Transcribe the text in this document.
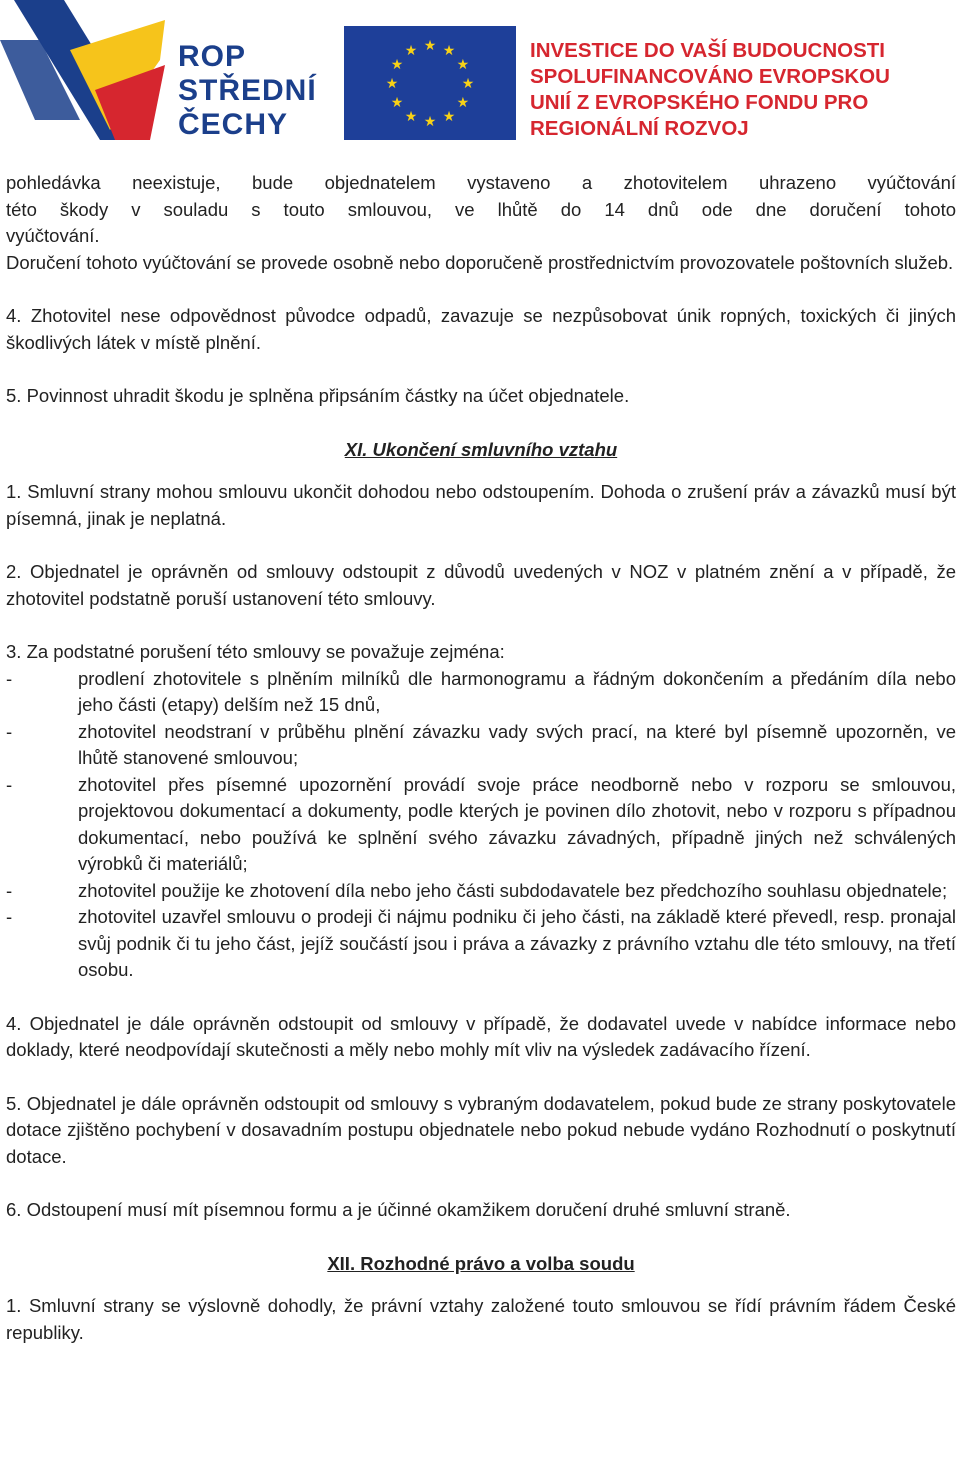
ROP
STŘEDNÍ
ČECHY
★
★
★
★
★
★
★
★
★ ★ ★
★
INVESTICE DO VAŠÍ BUDOUCNOSTI
SPOLUFINANCOVÁNO EVROPSKOU
UNIÍ Z EVROPSKÉHO FONDU PRO
REGIONÁLNÍ ROZVOJ

pohledávka neexistuje, bude objednatelem vystaveno a zhotovitelem uhrazeno vyúčtování

této škody v souladu s touto smlouvou, ve lhůtě do 14 dnů ode dne doručení tohoto

vyúčtování.

Doručení tohoto vyúčtování se provede osobně nebo doporučeně prostřednictvím provozovatele poštovních služeb.

4. Zhotovitel nese odpovědnost původce odpadů, zavazuje se nezpůsobovat únik ropných, toxických či jiných škodlivých látek v místě plnění.

5. Povinnost uhradit škodu je splněna připsáním částky na účet objednatele.

XI. Ukončení smluvního vztahu

1. Smluvní strany mohou smlouvu ukončit dohodou nebo odstoupením. Dohoda o zrušení práv a závazků musí být písemná, jinak je neplatná.

2. Objednatel je oprávněn od smlouvy odstoupit z důvodů uvedených v NOZ v platném znění a v případě, že zhotovitel podstatně poruší ustanovení této smlouvy.

3. Za podstatné porušení této smlouvy se považuje zejména:

-	prodlení zhotovitele s plněním milníků dle harmonogramu a řádným dokončením a předáním díla nebo jeho části (etapy) delším než 15 dnů,
-	zhotovitel neodstraní v průběhu plnění závazku vady svých prací, na které byl písemně upozorněn, ve lhůtě stanovené smlouvou;
-	zhotovitel přes písemné upozornění provádí svoje práce neodborně nebo v rozporu se smlouvou, projektovou dokumentací a dokumenty, podle kterých je povinen dílo zhotovit, nebo v rozporu s případnou dokumentací, nebo používá ke splnění svého závazku závadných, případně jiných než schválených výrobků či materiálů;
-	zhotovitel použije ke zhotovení díla nebo jeho části subdodavatele bez předchozího souhlasu objednatele;
-	zhotovitel uzavřel smlouvu o prodeji či nájmu podniku či jeho části, na základě které převedl, resp. pronajal svůj podnik či tu jeho část, jejíž součástí jsou i práva a závazky z právního vztahu dle této smlouvy, na třetí osobu.

4. Objednatel je dále oprávněn odstoupit od smlouvy v případě, že dodavatel uvede v nabídce informace nebo doklady, které neodpovídají skutečnosti a měly nebo mohly mít vliv na výsledek zadávacího řízení.

5. Objednatel je dále oprávněn odstoupit od smlouvy s vybraným dodavatelem, pokud bude ze strany poskytovatele dotace zjištěno pochybení v dosavadním postupu objednatele nebo pokud nebude vydáno Rozhodnutí o poskytnutí dotace.

6. Odstoupení musí mít písemnou formu a je účinné okamžikem doručení druhé smluvní straně.

XII. Rozhodné právo a volba soudu

1. Smluvní strany se výslovně dohodly, že právní vztahy založené touto smlouvou se řídí právním řádem České republiky.
